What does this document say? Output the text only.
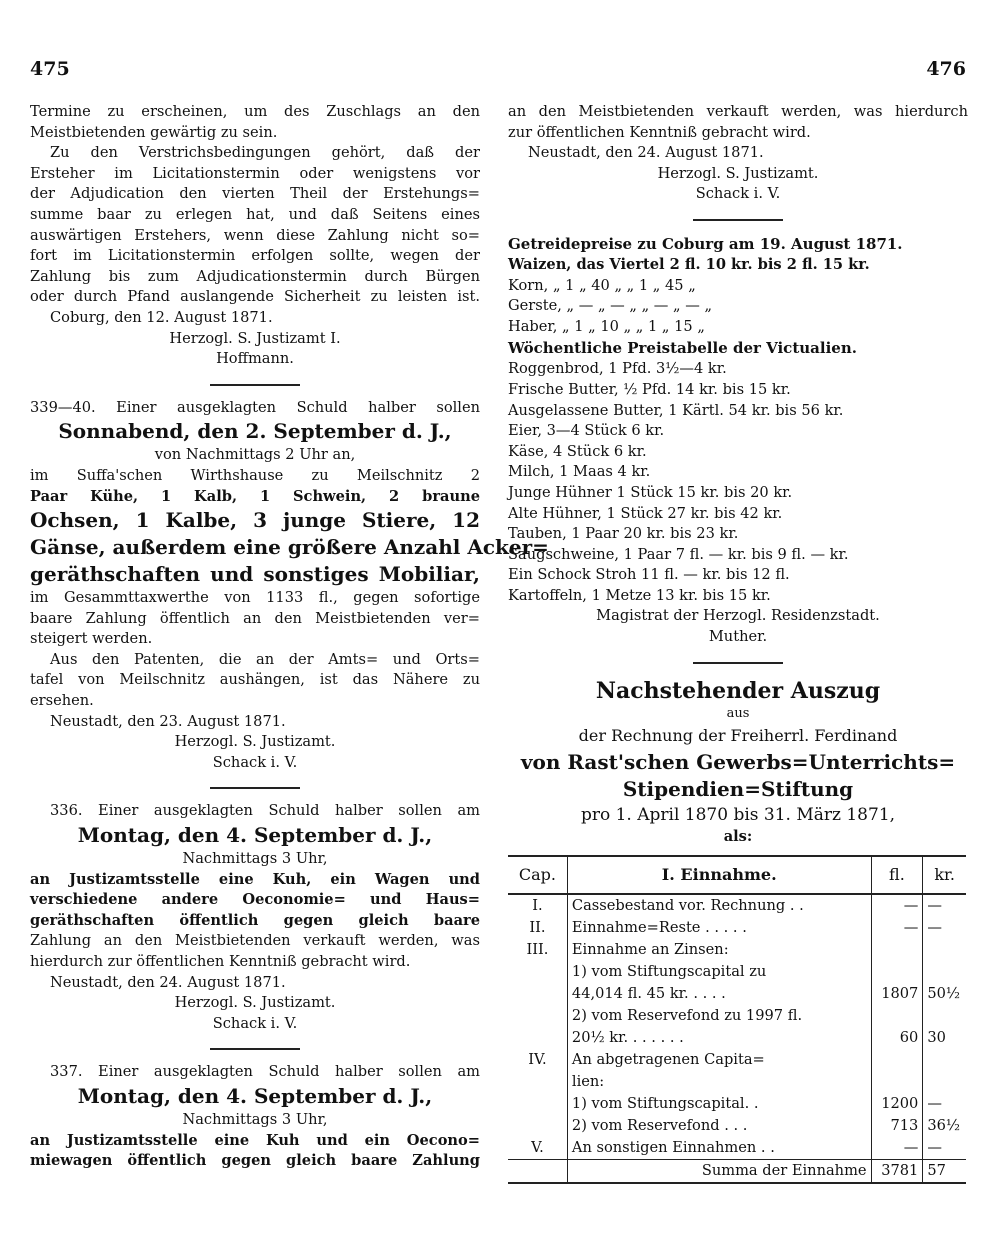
475	476
Termine zu erscheinen, um des Zuschlags an den
Meistbietenden gewärtig zu sein.
Zu den Verstrichsbedingungen gehört, daß der
Ersteher im Licitationstermin oder wenigstens vor
der Adjudication den vierten Theil der Erstehungs=
summe baar zu erlegen hat, und daß Seitens eines
auswärtigen Erstehers, wenn diese Zahlung nicht so=
fort im Licitationstermin erfolgen sollte, wegen der
Zahlung bis zum Adjudicationstermin durch Bürgen
oder durch Pfand auslangende Sicherheit zu leisten ist.
Coburg, den 12. August 1871.
Herzogl. S. Justizamt I.
Hoffmann.
339—40. Einer ausgeklagten Schuld halber sollen
Sonnabend, den 2. September d. J.,
von Nachmittags 2 Uhr an,
im Suffa'schen Wirthshause zu Meilschnitz 2
Paar Kühe, 1 Kalb, 1 Schwein, 2 braune
Ochsen, 1 Kalbe, 3 junge Stiere, 12
Gänse, außerdem eine größere Anzahl Acker=
geräthschaften und sonstiges Mobiliar,
im Gesammttaxwerthe von 1133 fl., gegen sofortige
baare Zahlung öffentlich an den Meistbietenden ver=
steigert werden.
Aus den Patenten, die an der Amts= und Orts=
tafel von Meilschnitz aushängen, ist das Nähere zu
ersehen.
Neustadt, den 23. August 1871.
Herzogl. S. Justizamt.
Schack i. V.
336. Einer ausgeklagten Schuld halber sollen am
Montag, den 4. September d. J.,
Nachmittags 3 Uhr,
an Justizamtsstelle eine Kuh, ein Wagen und
verschiedene andere Oeconomie= und Haus=
geräthschaften öffentlich gegen gleich baare
Zahlung an den Meistbietenden verkauft werden, was
hierdurch zur öffentlichen Kenntniß gebracht wird.
Neustadt, den 24. August 1871.
Herzogl. S. Justizamt.
Schack i. V.
337. Einer ausgeklagten Schuld halber sollen am
Montag, den 4. September d. J.,
Nachmittags 3 Uhr,
an Justizamtsstelle eine Kuh und ein Oecono=
miewagen öffentlich gegen gleich baare Zahlung
an den Meistbietenden verkauft werden, was hierdurch
zur öffentlichen Kenntniß gebracht wird.
Neustadt, den 24. August 1871.
Herzogl. S. Justizamt.
Schack i. V.
Getreidepreise zu Coburg am 19. August 1871.
Waizen, das Viertel 2 fl. 10 kr. bis 2 fl. 15 kr.
Korn, „ 1 „ 40 „ „ 1 „ 45 „
Gerste, „ — „ — „ „ — „ — „
Haber, „ 1 „ 10 „ „ 1 „ 15 „
Wöchentliche Preistabelle der Victualien.
Roggenbrod, 1 Pfd. 3½—4 kr.
Frische Butter, ½ Pfd. 14 kr. bis 15 kr.
Ausgelassene Butter, 1 Kärtl. 54 kr. bis 56 kr.
Eier, 3—4 Stück 6 kr.
Käse, 4 Stück 6 kr.
Milch, 1 Maas 4 kr.
Junge Hühner 1 Stück 15 kr. bis 20 kr.
Alte Hühner, 1 Stück 27 kr. bis 42 kr.
Tauben, 1 Paar 20 kr. bis 23 kr.
Saugschweine, 1 Paar 7 fl. — kr. bis 9 fl. — kr.
Ein Schock Stroh 11 fl. — kr. bis 12 fl.
Kartoffeln, 1 Metze 13 kr. bis 15 kr.
Magistrat der Herzogl. Residenzstadt.
Muther.
Nachstehender Auszug
aus
der Rechnung der Freiherrl. Ferdinand
von Rast'schen Gewerbs=Unterrichts=
Stipendien=Stiftung
pro 1. April 1870 bis 31. März 1871,
als:
Cap.	I. Einnahme.	fl.	kr.
I.	Cassebestand vor. Rechnung . .	—	—
II.	Einnahme=Reste . . . . .	—	—
III.	Einnahme an Zinsen:		
	1) vom Stiftungscapital zu		
	44,014 fl. 45 kr. . . . .	1807	50½
	2) vom Reservefond zu 1997 fl.		
	20½ kr. . . . . . .	60	30
IV.	An abgetragenen Capita=		
	lien:		
	1) vom Stiftungscapital. .	1200	—
	2) vom Reservefond . . .	713	36½
V.	An sonstigen Einnahmen . .	—	—
	Summa der Einnahme	3781	57
